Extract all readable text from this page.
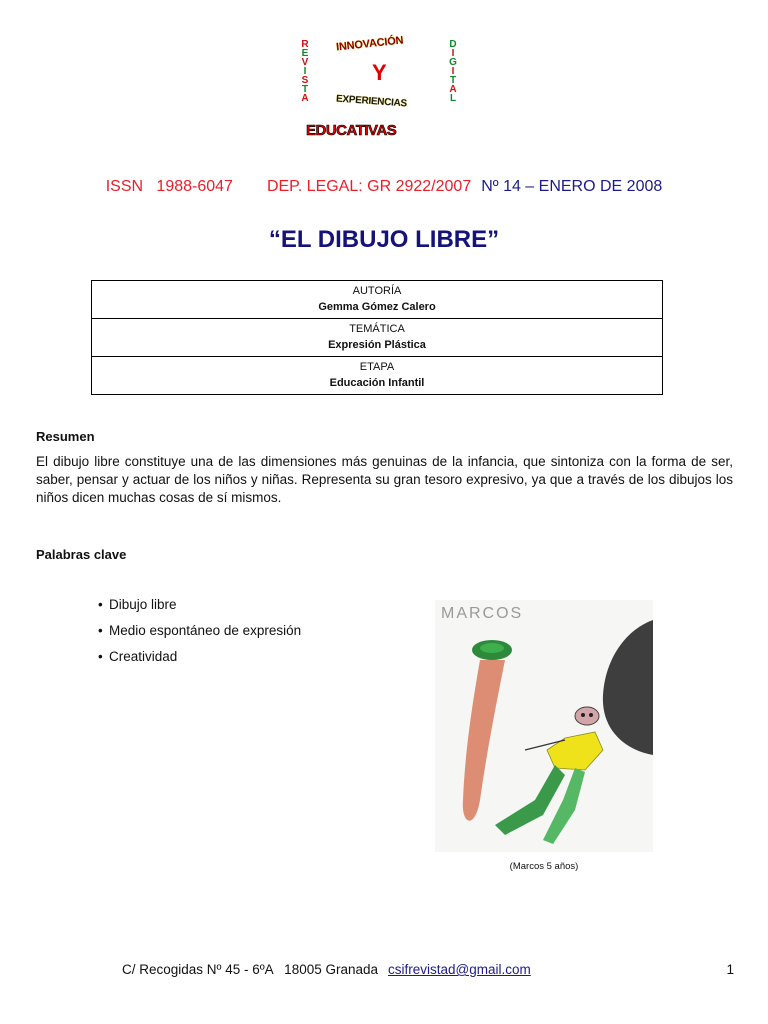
R
E
V
I
S
T
A
D
I
G
I
T
A
L
INNOVACIÓN
Y
EXPERIENCIAS
EDUCATIVAS
ISSN   1988-6047 DEP. LEGAL: GR 2922/2007 Nº 14 – ENERO DE 2008
“EL DIBUJO LIBRE”
AUTORÍA
Gemma Gómez Calero

TEMÁTICA
Expresión Plástica

ETAPA
Educación Infantil
Resumen
El dibujo libre constituye una de las dimensiones más genuinas de la infancia, que sintoniza con la forma de ser, saber, pensar y actuar de los niños y niñas. Representa su gran tesoro expresivo, ya que a través de los dibujos los niños dicen muchas cosas de sí mismos.
Palabras clave
• Dibujo libre
• Medio espontáneo de expresión
• Creatividad
MARCOS
(Marcos 5 años)
C/ Recogidas Nº 45 - 6ºA   18005 Granada csifrevistad@gmail.com	1
